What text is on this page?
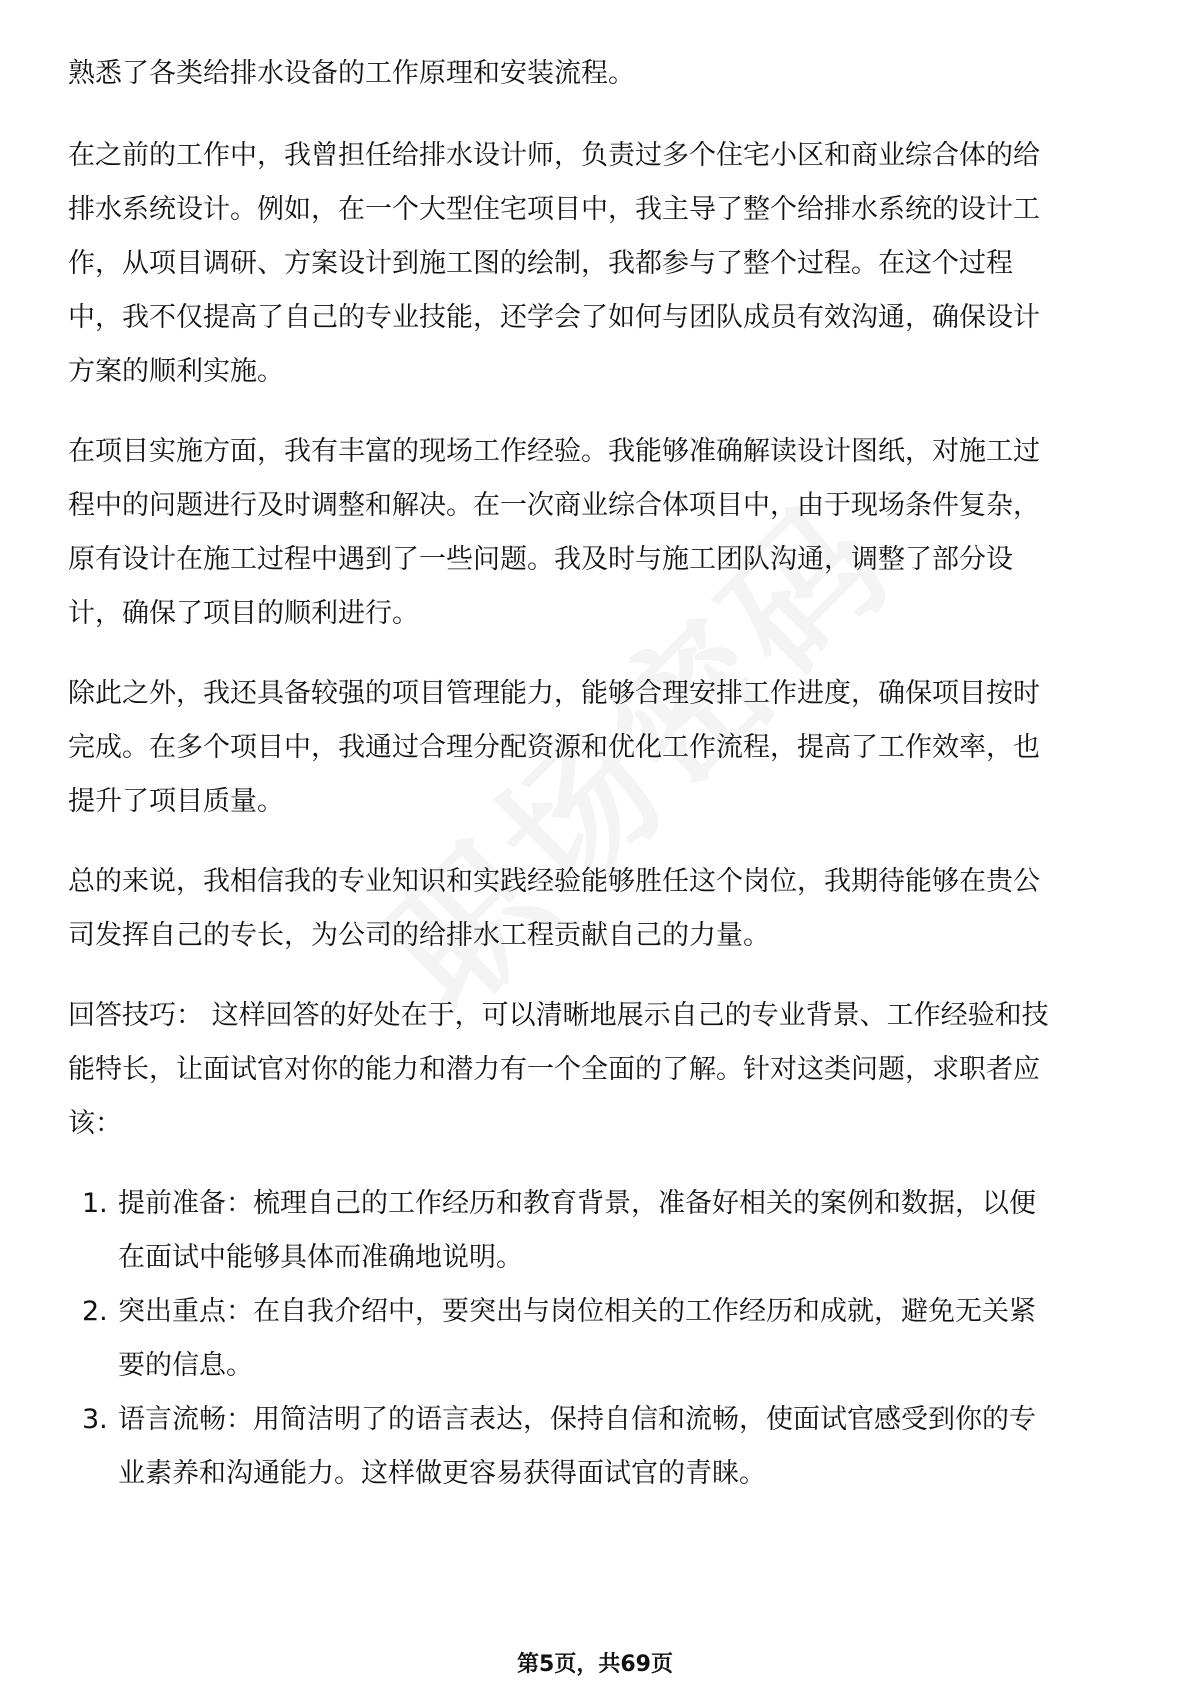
熟悉了各类给排水设备的工作原理和安装流程。

在之前的工作中，我曾担任给排水设计师，负责过多个住宅小区和商业综合体的给

排水系统设计。例如，在一个大型住宅项目中，我主导了整个给排水系统的设计工

作，从项目调研、方案设计到施工图的绘制，我都参与了整个过程。在这个过程

中，我不仅提高了自己的专业技能，还学会了如何与团队成员有效沟通，确保设计

方案的顺利实施。

在项目实施方面，我有丰富的现场工作经验。我能够准确解读设计图纸，对施工过

程中的问题进行及时调整和解决。在一次商业综合体项目中，由于现场条件复杂，

原有设计在施工过程中遇到了一些问题。我及时与施工团队沟通，调整了部分设

计，确保了项目的顺利进行。

除此之外，我还具备较强的项目管理能力，能够合理安排工作进度，确保项目按时

完成。在多个项目中，我通过合理分配资源和优化工作流程，提高了工作效率，也

提升了项目质量。

总的来说，我相信我的专业知识和实践经验能够胜任这个岗位，我期待能够在贵公

司发挥自己的专长，为公司的给排水工程贡献自己的力量。

回答技巧： 这样回答的好处在于，可以清晰地展示自己的专业背景、工作经验和技

能特长，让面试官对你的能力和潜力有一个全面的了解。针对这类问题，求职者应

该：

1. 提前准备：梳理自己的工作经历和教育背景，准备好相关的案例和数据，以便

在面试中能够具体而准确地说明。

2. 突出重点：在自我介绍中，要突出与岗位相关的工作经历和成就，避免无关紧

要的信息。

3. 语言流畅：用简洁明了的语言表达，保持自信和流畅，使面试官感受到你的专

业素养和沟通能力。这样做更容易获得面试官的青睐。

第5页，共69页
